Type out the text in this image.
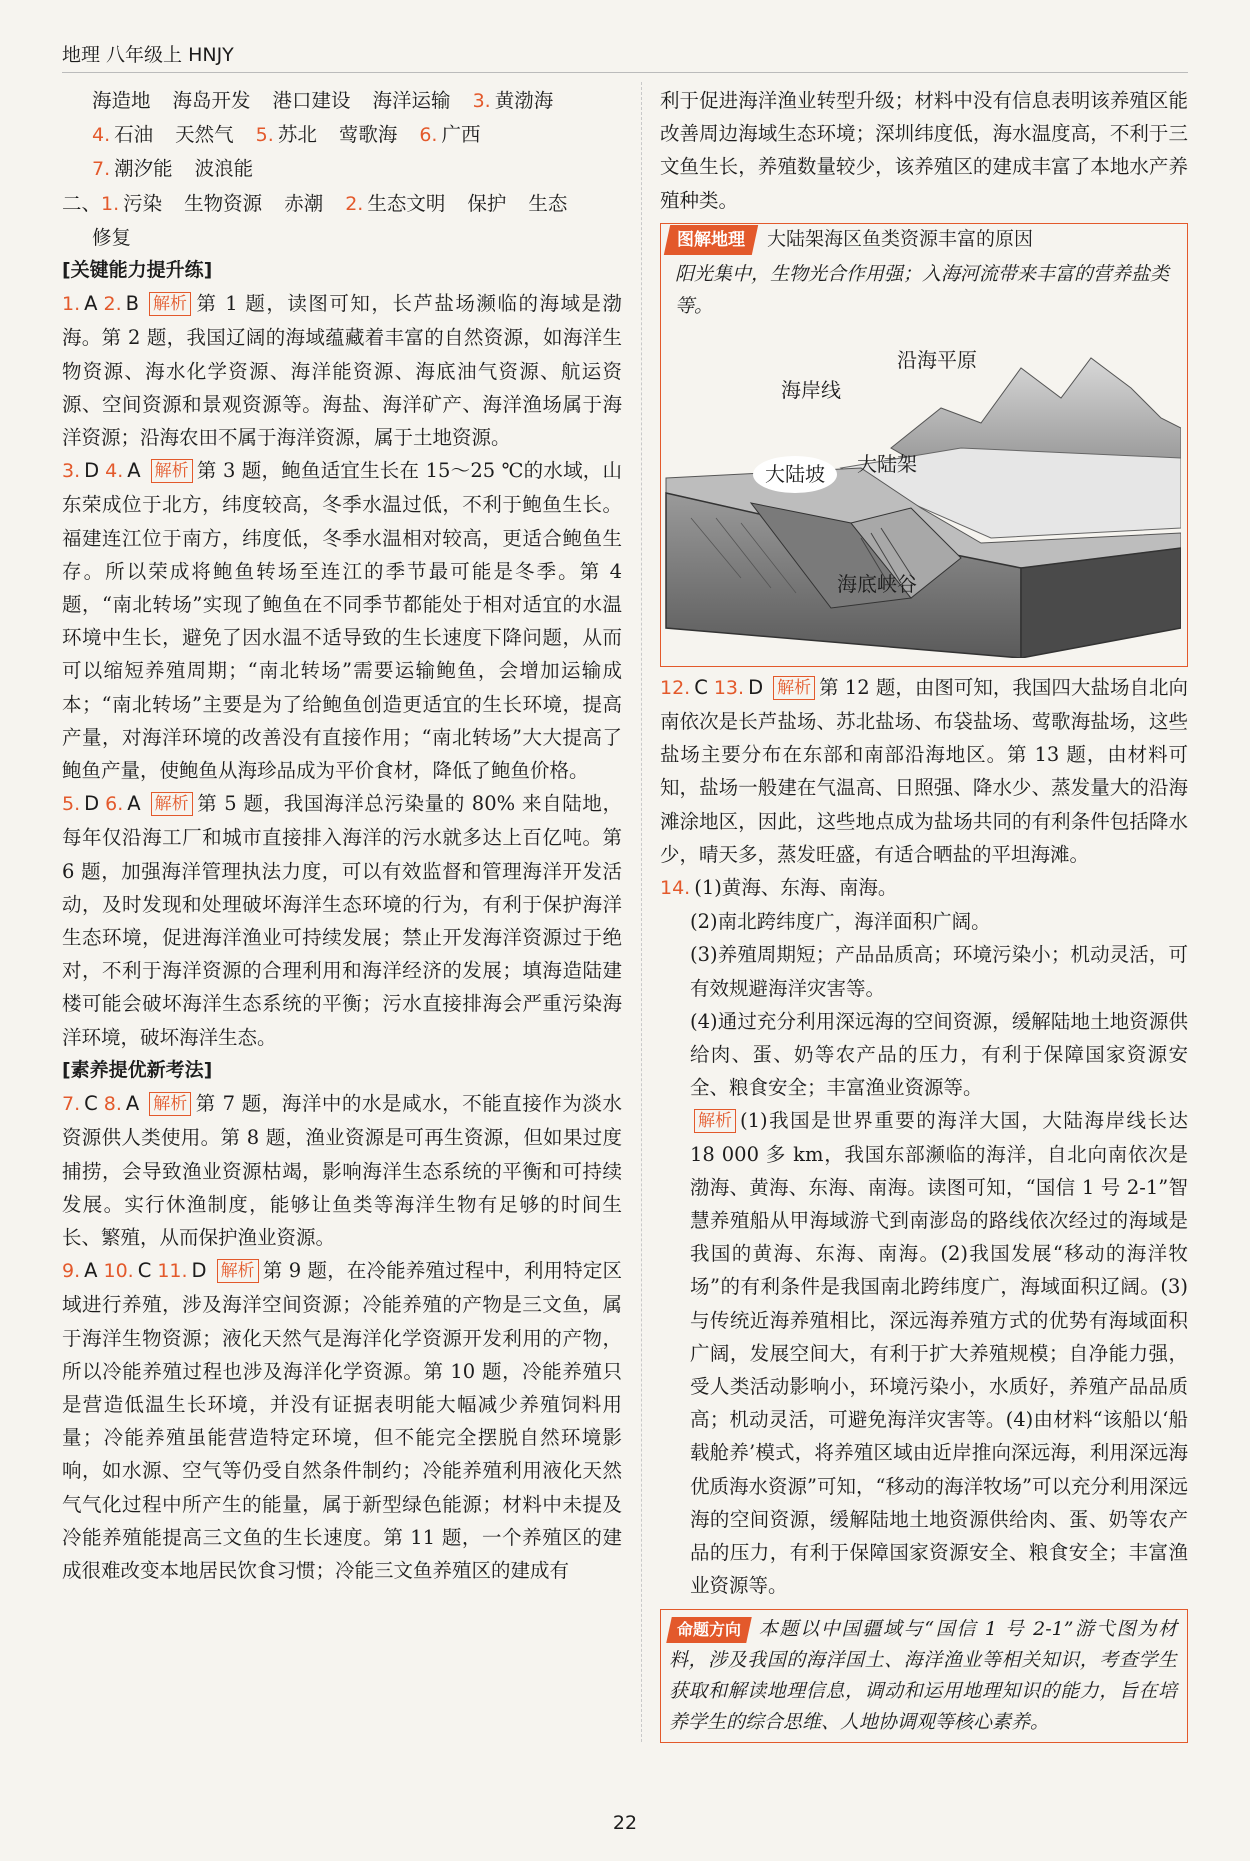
地理 八年级上 HNJY
海造地 海岛开发 港口建设 海洋运输 3. 黄渤海
4. 石油 天然气 5. 苏北 莺歌海 6. 广西
7. 潮汐能 波浪能
二、1. 污染 生物资源 赤潮 2. 生态文明 保护 生态
修复
[关键能力提升练]

1. A 2. B 解析 第 1 题，读图可知，长芦盐场濒临的海域是渤海。第 2 题，我国辽阔的海域蕴藏着丰富的自然资源，如海洋生物资源、海水化学资源、海洋能资源、海底油气资源、航运资源、空间资源和景观资源等。海盐、海洋矿产、海洋渔场属于海洋资源；沿海农田不属于海洋资源，属于土地资源。

3. D 4. A 解析 第 3 题，鲍鱼适宜生长在 15～25 ℃的水域，山东荣成位于北方，纬度较高，冬季水温过低，不利于鲍鱼生长。福建连江位于南方，纬度低，冬季水温相对较高，更适合鲍鱼生存。所以荣成将鲍鱼转场至连江的季节最可能是冬季。第 4 题，“南北转场”实现了鲍鱼在不同季节都能处于相对适宜的水温环境中生长，避免了因水温不适导致的生长速度下降问题，从而可以缩短养殖周期；“南北转场”需要运输鲍鱼，会增加运输成本；“南北转场”主要是为了给鲍鱼创造更适宜的生长环境，提高产量，对海洋环境的改善没有直接作用；“南北转场”大大提高了鲍鱼产量，使鲍鱼从海珍品成为平价食材，降低了鲍鱼价格。

5. D 6. A 解析 第 5 题，我国海洋总污染量的 80% 来自陆地，每年仅沿海工厂和城市直接排入海洋的污水就多达上百亿吨。第 6 题，加强海洋管理执法力度，可以有效监督和管理海洋开发活动，及时发现和处理破坏海洋生态环境的行为，有利于保护海洋生态环境，促进海洋渔业可持续发展；禁止开发海洋资源过于绝对，不利于海洋资源的合理利用和海洋经济的发展；填海造陆建楼可能会破坏海洋生态系统的平衡；污水直接排海会严重污染海洋环境，破坏海洋生态。

[素养提优新考法]

7. C 8. A 解析 第 7 题，海洋中的水是咸水，不能直接作为淡水资源供人类使用。第 8 题，渔业资源是可再生资源，但如果过度捕捞，会导致渔业资源枯竭，影响海洋生态系统的平衡和可持续发展。实行休渔制度，能够让鱼类等海洋生物有足够的时间生长、繁殖，从而保护渔业资源。

9. A 10. C 11. D 解析 第 9 题，在冷能养殖过程中，利用特定区域进行养殖，涉及海洋空间资源；冷能养殖的产物是三文鱼，属于海洋生物资源；液化天然气是海洋化学资源开发利用的产物，所以冷能养殖过程也涉及海洋化学资源。第 10 题，冷能养殖只是营造低温生长环境，并没有证据表明能大幅减少养殖饲料用量；冷能养殖虽能营造特定环境，但不能完全摆脱自然环境影响，如水源、空气等仍受自然条件制约；冷能养殖利用液化天然气气化过程中所产生的能量，属于新型绿色能源；材料中未提及冷能养殖能提高三文鱼的生长速度。第 11 题，一个养殖区的建成很难改变本地居民饮食习惯；冷能三文鱼养殖区的建成有

利于促进海洋渔业转型升级；材料中没有信息表明该养殖区能改善周边海域生态环境；深圳纬度低，海水温度高，不利于三文鱼生长，养殖数量较少，该养殖区的建成丰富了本地水产养殖种类。

图解地理	大陆架海区鱼类资源丰富的原因
阳光集中，生物光合作用强；入海河流带来丰富的营养盐类等。
沿海平原
海岸线
大陆坡	大陆架
海底峡谷

12. C 13. D 解析 第 12 题，由图可知，我国四大盐场自北向南依次是长芦盐场、苏北盐场、布袋盐场、莺歌海盐场，这些盐场主要分布在东部和南部沿海地区。第 13 题，由材料可知，盐场一般建在气温高、日照强、降水少、蒸发量大的沿海滩涂地区，因此，这些地点成为盐场共同的有利条件包括降水少，晴天多，蒸发旺盛，有适合晒盐的平坦海滩。

14. (1)黄海、东海、南海。
(2)南北跨纬度广，海洋面积广阔。
(3)养殖周期短；产品品质高；环境污染小；机动灵活，可有效规避海洋灾害等。
(4)通过充分利用深远海的空间资源，缓解陆地土地资源供给肉、蛋、奶等农产品的压力，有利于保障国家资源安全、粮食安全；丰富渔业资源等。
解析 (1)我国是世界重要的海洋大国，大陆海岸线长达 18 000 多 km，我国东部濒临的海洋，自北向南依次是渤海、黄海、东海、南海。读图可知，“国信 1 号 2-1”智慧养殖船从甲海域游弋到南澎岛的路线依次经过的海域是我国的黄海、东海、南海。(2)我国发展“移动的海洋牧场”的有利条件是我国南北跨纬度广，海域面积辽阔。(3)与传统近海养殖相比，深远海养殖方式的优势有海域面积广阔，发展空间大，有利于扩大养殖规模；自净能力强，受人类活动影响小，环境污染小，水质好，养殖产品品质高；机动灵活，可避免海洋灾害等。(4)由材料“该船以‘船载舱养’模式，将养殖区域由近岸推向深远海，利用深远海优质海水资源”可知，“移动的海洋牧场”可以充分利用深远海的空间资源，缓解陆地土地资源供给肉、蛋、奶等农产品的压力，有利于保障国家资源安全、粮食安全；丰富渔业资源等。
命题方向 本题以中国疆域与“国信 1 号 2-1”游弋图为材料，涉及我国的海洋国土、海洋渔业等相关知识，考查学生获取和解读地理信息，调动和运用地理知识的能力，旨在培养学生的综合思维、人地协调观等核心素养。
22
